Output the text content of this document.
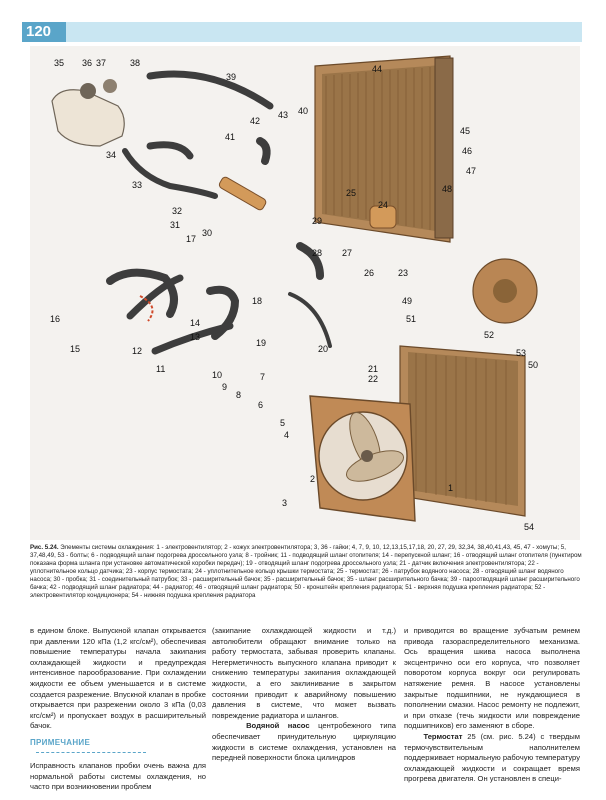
120
35 36 37	38
39
44
42
43 40
41
34
33
32
31
30
29
28
17
16
15
14
13
12
11
18
19
20
10
9
8
7
6
5
4
3
2
1
25
24
26
27
23
22
21
49
51
50
53
52
54
45
46
47
48
Рис. 5.24. Элементы системы охлаждения: 1 - электровентилятор; 2 - кожух электровентилятора; 3, 36 - гайки; 4, 7, 9, 10, 12,13,15,17,18, 20, 27, 29, 32,34, 38,40,41,43, 45, 47 - хомуты; 5, 37,48,49, 53 - болты; 6 - подводящий шланг подогрева дроссельного узла; 8 - тройник; 11 - подводящий шланг отопителя; 14 - перепускной шланг; 16 - отводящий шланг отопителя (пунктиром показана форма шланга при установке автоматической коробки передач); 19 - отводящий шланг подогрева дроссельного узла; 21 - датчик включения электровентилятора; 22 - уплотнительное кольцо датчика; 23 - корпус термостата; 24 - уплотнительное кольцо крышки термостата; 25 - термостат; 26 - патрубок водяного насоса; 28 - отводящий шланг водяного насоса; 30 - пробка; 31 - соединительный патрубок; 33 - расширительный бачок; 35 - расширительный бачок; 35 - шланг расширительного бачка; 39 - пароотводящий шланг расширительного бачка; 42 - подводящий шланг радиатора; 44 - радиатор; 46 - отводящий шланг радиатора; 50 - кронштейн крепления радиатора; 51 - верхняя подушка крепления радиатора; 52 - электровентилятор кондиционера; 54 - нижняя подушка крепления радиатора

в едином блоке. Выпускной клапан открывается при давлении 120 кПа (1,2 кгс/см²), обеспечивая повышение температуры начала закипания охлаждающей жидкости и предупреждая интенсивное парообразование. При охлаждении жидкости ее объем уменьшается и в системе создается разрежение. Впускной клапан в пробке открывается при разрежении около 3 кПа (0,03 кгс/см²) и пропускает воздух в расширительный бачок.

ПРИМЕЧАНИЕ

Исправность клапанов пробки очень важна для нормальной работы системы охлаждения, но часто при возникновении проблем

(закипание охлаждающей жидкости и т.д.) автолюбители обращают внимание только на работу термостата, забывая проверить клапаны. Негерметичность выпускного клапана приводит к снижению температуры закипания охлаждающей жидкости, а его заклинивание в закрытом состоянии приводит к аварийному повышению давления в системе, что может вызвать повреждение радиатора и шлангов.

Водяной насос центробежного типа обеспечивает принудительную циркуляцию жидкости в системе охлаждения, установлен на передней поверхности блока цилиндров

и приводится во вращение зубчатым ремнем привода газораспределительного механизма. Ось вращения шкива насоса выполнена эксцентрично оси его корпуса, что позволяет поворотом корпуса вокруг оси регулировать натяжение ремня. В насосе установлены закрытые подшипники, не нуждающиеся в пополнении смазки. Насос ремонту не подлежит, и при отказе (течь жидкости или повреждение подшипников) его заменяют в сборе.

Термостат 25 (см. рис. 5.24) с твердым термочувствительным наполнителем поддерживает нормальную рабочую температуру охлаждающей жидкости и сокращает время прогрева двигателя. Он установлен в специ-
